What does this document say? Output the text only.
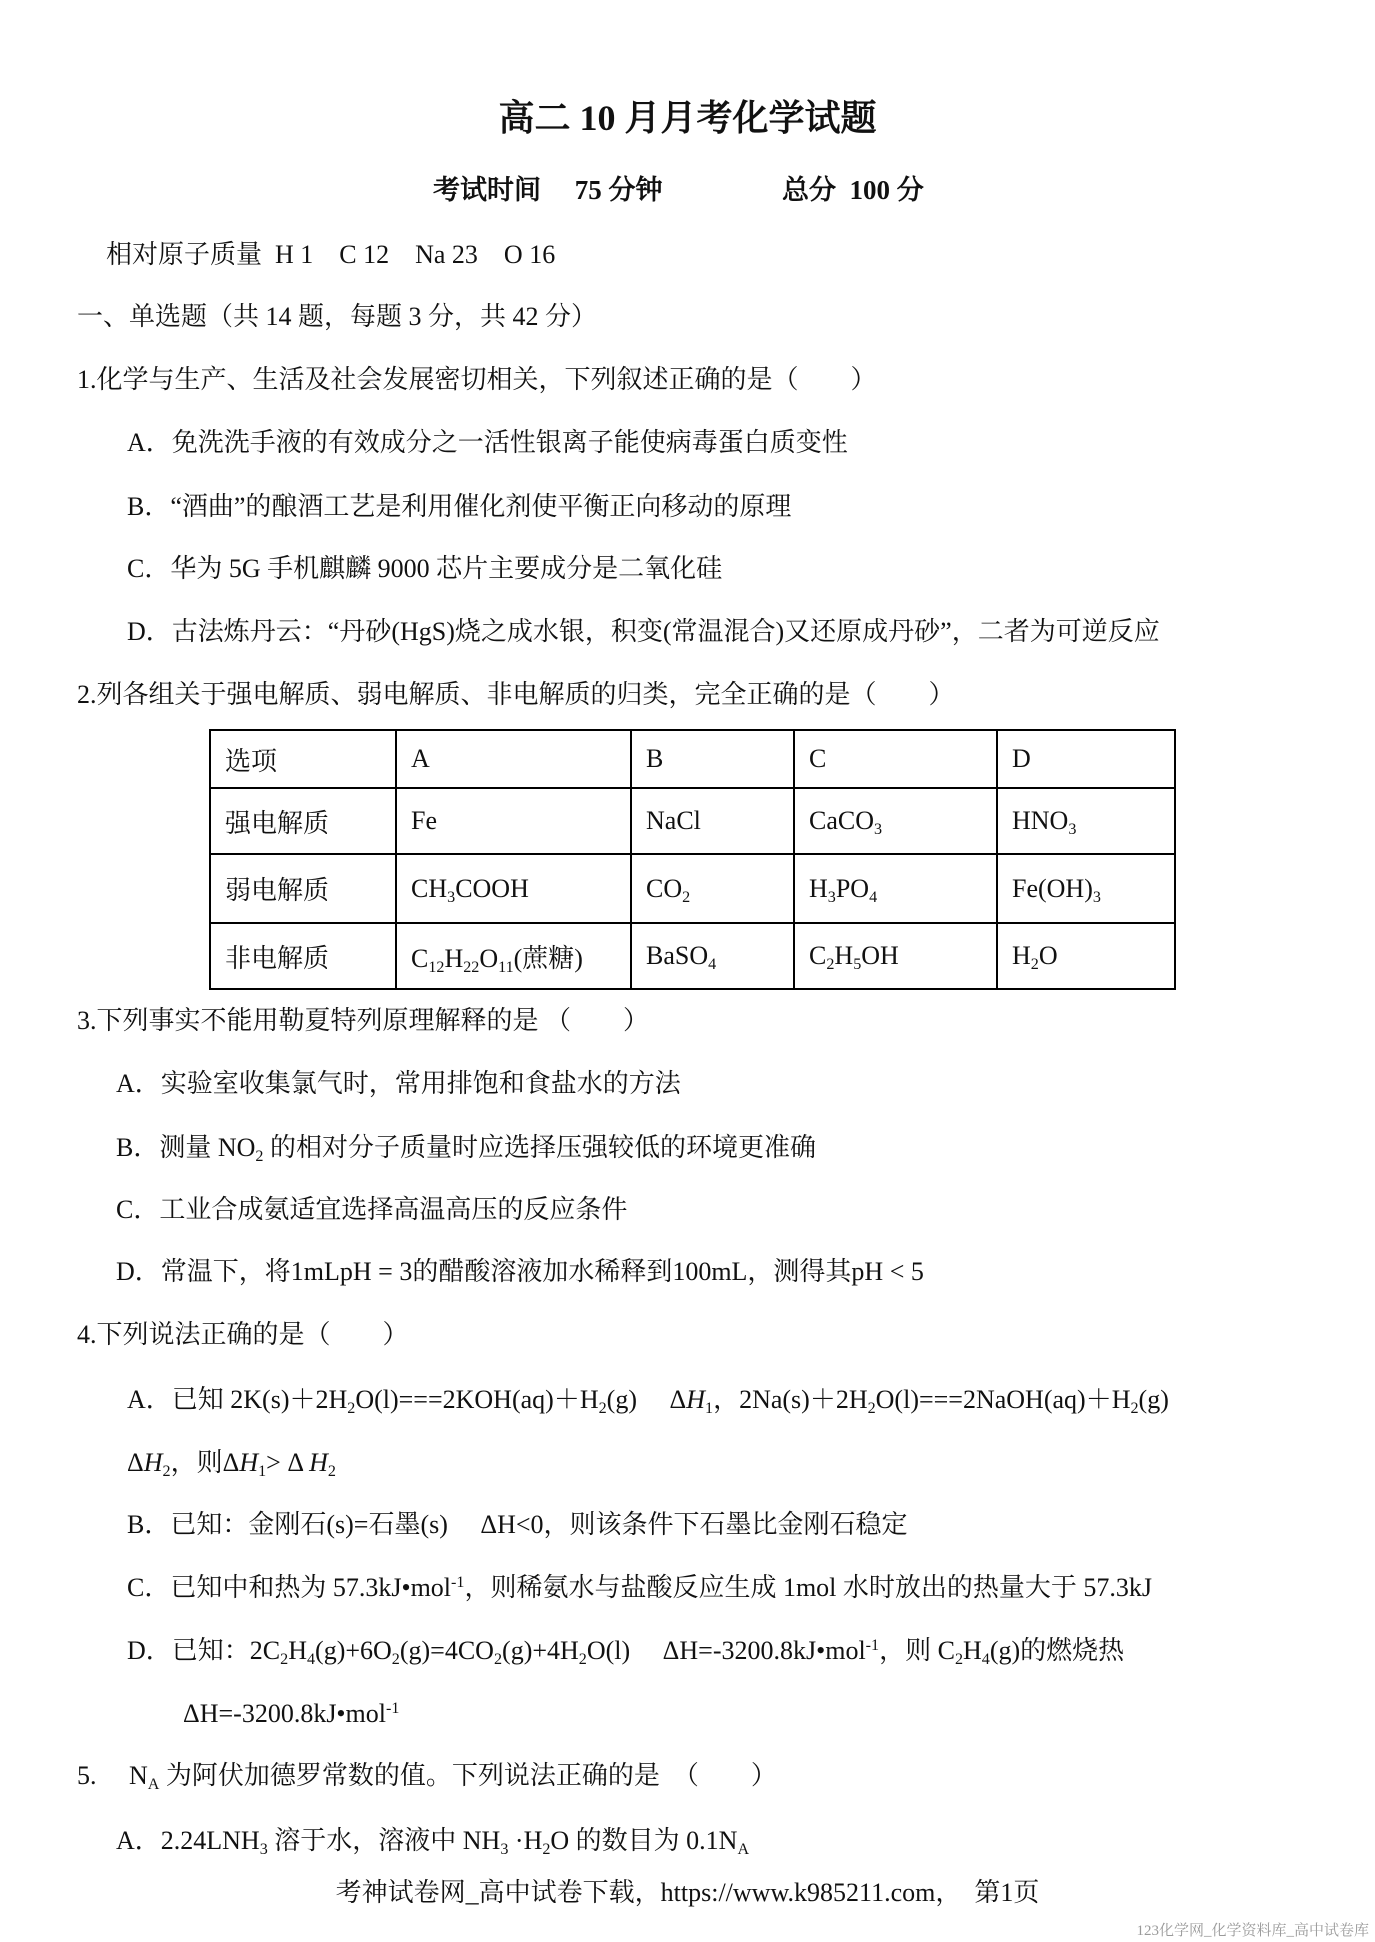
高二 10 月月考化学试题
考试时间　 75 分钟	总分  100 分
相对原子质量  H 1    C 12    Na 23    O 16
一、单选题（共 14 题，每题 3 分，共 42 分）
1.化学与生产、生活及社会发展密切相关，下列叙述正确的是（　　）
A．免洗洗手液的有效成分之一活性银离子能使病毒蛋白质变性
B．“酒曲”的酿酒工艺是利用催化剂使平衡正向移动的原理
C．华为 5G 手机麒麟 9000 芯片主要成分是二氧化硅
D．古法炼丹云：“丹砂(HgS)烧之成水银，积变(常温混合)又还原成丹砂”，二者为可逆反应
2.列各组关于强电解质、弱电解质、非电解质的归类，完全正确的是（　　）
选项	A	B	C	D
强电解质	Fe	NaCl	CaCO$_3$	$HNO_3$
弱电解质	$CH_3COOH$	$CO_2$	$H_3PO_4$	$Fe(OH)_3$
非电解质	$C_{12}H_{22}O_{11}$(蔗糖)	BaSO$_4$	$C_2H_5OH$	$H_2O$
3.下列事实不能用勒夏特列原理解释的是 （　　）
A．实验室收集氯气时，常用排饱和食盐水的方法
B．测量 $NO_2$ 的相对分子质量时应选择压强较低的环境更准确
C．工业合成氨适宜选择高温高压的反应条件
D．常温下，将1mLpH = 3的醋酸溶液加水稀释到100mL，测得其pH < 5
4.下列说法正确的是（　　）
A．已知 $2K(s)+2H_2O(l)===2KOH(aq)+H_2(g)$　 $\Delta H_1$，$2Na(s)+2H_2O(l)===2NaOH(aq)+H_2(g)$
$\Delta H_2$，则$\Delta H_1> \Delta$ $H_2$
B．已知：金刚石(s)=石墨(s)　 ΔH<0，则该条件下石墨比金刚石稳定
C．已知中和热为 57.3kJ•mol$^{-1}$，则稀氨水与盐酸反应生成 1mol 水时放出的热量大于 57.3kJ
D．已知：$2C_2H_4(g)+6O_2(g)=4CO_2(g)+4H_2O(l)$　 ΔH=-3200.8kJ•mol$^{-1}$，则 $C_2H_4(g)$的燃烧热
ΔH=-3200.8kJ•mol$^{-1}$
5.　 $N_A$ 为阿伏加德罗常数的值。下列说法正确的是　（　　）
A．$2.24LNH_3$ 溶于水，溶液中 $NH_3 \cdot H_2O$ 的数目为 $0.1N_A$
考神试卷网_高中试卷下载，https://www.k985211.com，　第1页
123化学网_化学资料库_高中试卷库
